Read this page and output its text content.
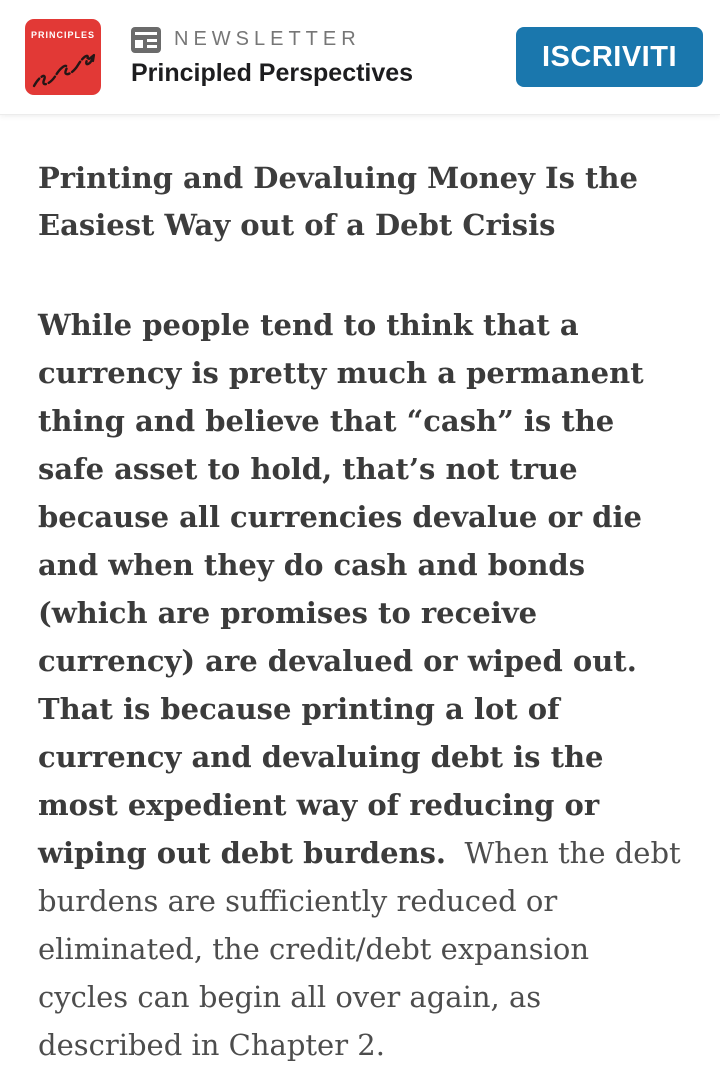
PRINCIPLES	NEWSLETTER
Principled Perspectives	ISCRIVITI
Printing and Devaluing Money Is the Easiest Way out of a Debt Crisis

While people tend to think that a currency is pretty much a permanent thing and believe that “cash” is the safe asset to hold, that’s not true because all currencies devalue or die and when they do cash and bonds (which are promises to receive currency) are devalued or wiped out.  That is because printing a lot of currency and devaluing debt is the most expedient way of reducing or wiping out debt burdens.  When the debt burdens are sufficiently reduced or eliminated, the credit/debt expansion cycles can begin all over again, as described in Chapter 2.
